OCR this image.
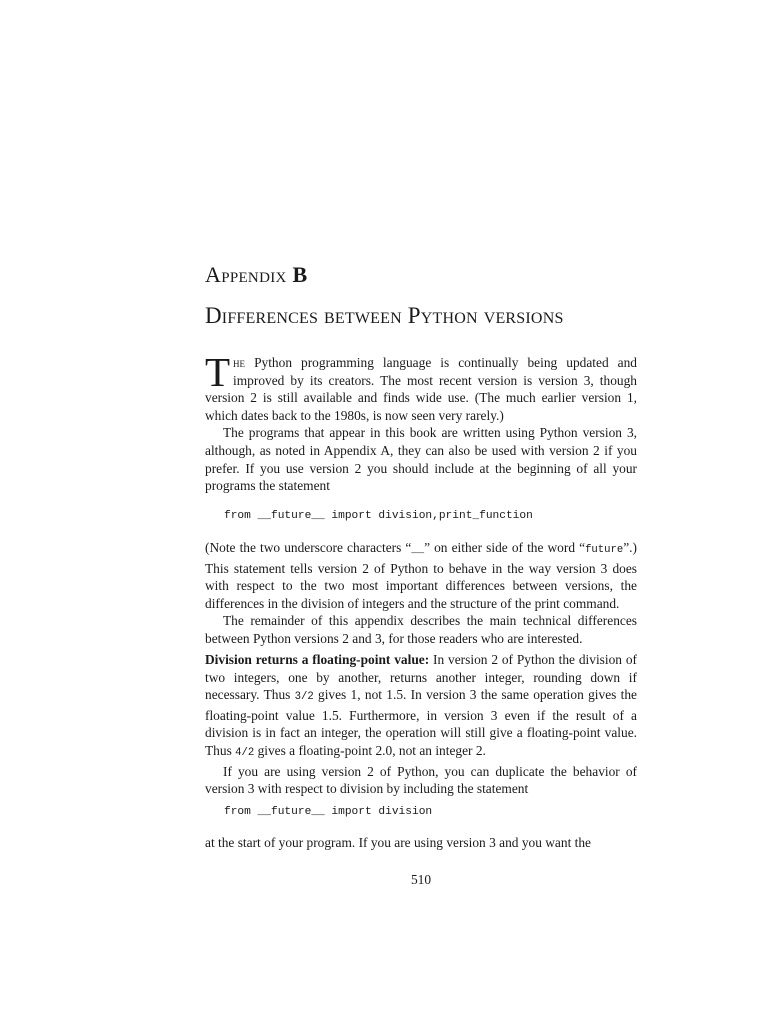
Appendix B
Differences between Python versions

The Python programming language is continually being updated and improved by its creators. The most recent version is version 3, though version 2 is still available and finds wide use. (The much earlier version 1, which dates back to the 1980s, is now seen very rarely.)

The programs that appear in this book are written using Python version 3, although, as noted in Appendix A, they can also be used with version 2 if you prefer. If you use version 2 you should include at the beginning of all your programs the statement

from __future__ import division,print_function

(Note the two underscore characters “__” on either side of the word “future”.) This statement tells version 2 of Python to behave in the way version 3 does with respect to the two most important differences between versions, the differences in the division of integers and the structure of the print command.

The remainder of this appendix describes the main technical differences between Python versions 2 and 3, for those readers who are interested.

Division returns a floating-point value: In version 2 of Python the division of two integers, one by another, returns another integer, rounding down if necessary. Thus 3/2 gives 1, not 1.5. In version 3 the same operation gives the floating-point value 1.5. Furthermore, in version 3 even if the result of a division is in fact an integer, the operation will still give a floating-point value. Thus 4/2 gives a floating-point 2.0, not an integer 2.

If you are using version 2 of Python, you can duplicate the behavior of version 3 with respect to division by including the statement

from __future__ import division

at the start of your program. If you are using version 3 and you want the

510
